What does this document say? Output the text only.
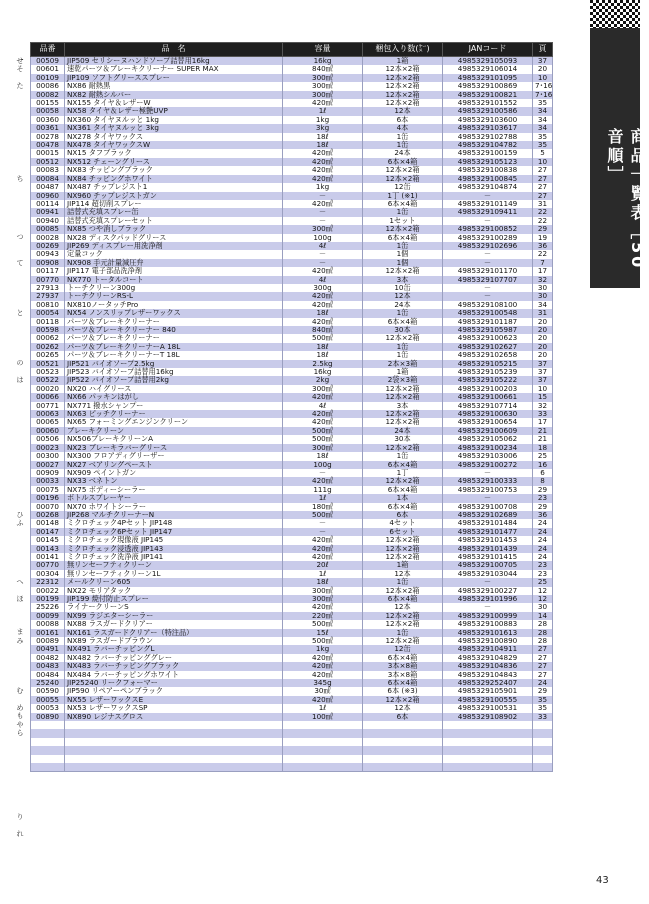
商品一覧表［50音順］
せ
そ
た
ち
つ
て
と
の
は
ひ
ふ
へ
ほ
ま
み
む
め
も
や
ら
り
れ
品番	品　名	容量	梱包入り数(㌜)	JANコード	頁
00509	JIP509 セリシーヌハンドソープ詰替用16kg	16kg	1箱	4985329105093	37
00601	速乾パーツ＆ブレーキクリーナー SUPER MAX	840㎖	12本×2箱	4985329106014	20
00109	JIP109 ソフトグリーススプレー	300㎖	12本×2箱	4985329101095	10
00086	NX86 耐熱黒	300㎖	12本×2箱	4985329100869	7･16
00082	NX82 耐熱シルバー	300㎖	12本×2箱	4985329100821	7･16
00155	NX155 タイヤ＆レザーW	420㎖	12本×2箱	4985329101552	35
00058	NX58 タイヤ＆レザー極艶UVP	1ℓ	12本	4985329100586	34
00360	NX360 タイヤヌルッと 1kg	1kg	6本	4985329103600	34
00361	NX361 タイヤヌルッと 3kg	3kg	4本	4985329103617	34
00278	NX278 タイヤワックス	18ℓ	1缶	4985329102788	35
00478	NX478 タイヤワックスW	18ℓ	1缶	4985329104782	35
00015	NX15 タフブラック	420㎖	24本	4985329100159	5
00512	NX512 チェーングリース	420㎖	6本×4箱	4985329105123	10
00083	NX83 チッピングブラック	420㎖	12本×2箱	4985329100838	27
00084	NX84 チッピングホワイト	420㎖	12本×2箱	4985329100845	27
00487	NX487 チップレジスト1	1kg	12缶	4985329104874	27
00960	NX960 チップレジストガン	－	1丁 (※1)	－	27
00114	JIP114 超切削スプレー	420㎖	6本×4箱	4985329101149	31
00941	詰替式充填スプレー缶	－	1缶	4985329109411	22
00940	詰替式充填スプレーセット	－	1セット	－	22
00085	NX85 つや消しブラック	300㎖	12本×2箱	4985329100852	29
00028	NX28 ディスクパッドグリース	100g	6本×4箱	4985329100289	19
00269	JIP269 ディスプレー用洗浄剤	4ℓ	1缶	4985329102696	36
00943	定量コック	－	1個	－	22
00908	NX908 手元計量減圧弁	－	1個	－	7
00117	JIP117 電子部品洗浄剤	420㎖	12本×2箱	4985329101170	17
00770	NX770 トータルコート	4ℓ	3本	4985329107707	32
27913	トーチクリーン300g	300g	10缶	－	30
27937	トーチクリーンRS-L	420㎖	12本	－	30
00810	NX810ノータッチPro	420㎖	24本	4985329108100	34
00054	NX54 ノンスリップレザーワックス	18ℓ	1缶	4985329100548	31
00118	パーツ＆ブレーキクリーナー	420㎖	6本×4箱	4985329101187	20
00598	パーツ＆ブレーキクリーナー 840	840㎖	30本	4985329105987	20
00062	パーツ＆ブレーキクリーナー	500㎖	12本×2箱	4985329100623	20
00262	パーツ＆ブレーキクリーナーA 18L	18ℓ	1缶	4985329102627	20
00265	パーツ＆ブレーキクリーナーT 18L	18ℓ	1缶	4985329102658	20
00521	JIP521 バイオソープ2.5kg	2.5kg	2本×3箱	4985329105215	37
00523	JIP523 バイオソープ詰替用16kg	16kg	1箱	4985329105239	37
00522	JIP522 バイオソープ詰替用2kg	2kg	2袋×3箱	4985329105222	37
00020	NX20 ハイグリース	300㎖	12本×2箱	4985329100203	10
00066	NX66 パッキンはがし	420㎖	12本×2箱	4985329100661	15
00771	NX771 撥水シャンプー	4ℓ	3本	4985329107714	32
00063	NX63 ピッチクリーナー	420㎖	12本×2箱	4985329100630	33
00065	NX65 フォーミングエンジンクリーン	420㎖	12本×2箱	4985329100654	17
00060	ブレーキクリーン	500㎖	24本	4985329100609	21
00506	NX506ブレーキクリーンA	500㎖	30本	4985329105062	21
00023	NX23 ブレーキラバーグリース	300㎖	12本×2箱	4985329100234	18
00300	NX300 フロアディグリーザー	18ℓ	1缶	4985329103006	25
00027	NX27 ベアリングペースト	100g	6本×4箱	4985329100272	16
00909	NX909 ペイントガン	－	1丁	－	6
00033	NX33 ベネトン	420㎖	12本×2箱	4985329100333	8
00075	NX75 ボディーシーラー	111g	6本×4箱	4985329100753	29
00196	ボトルスプレーヤー	1ℓ	1本	－	23
00070	NX70 ホワイトシーラー	180㎖	6本×4箱	4985329100708	29
00268	JIP268 マルチクリーナーN	500㎖	6本	4985329102689	36
00148	ミクロチェック4Pセット JIP148	－	4セット	4985329101484	24
00147	ミクロチェック6Pセット JIP147	－	6セット	4985329101477	24
00145	ミクロチェック現像液 JIP145	420㎖	12本×2箱	4985329101453	24
00143	ミクロチェック浸透液 JIP143	420㎖	12本×2箱	4985329101439	24
00141	ミクロチェック洗浄液 JIP141	420㎖	12本×2箱	4985329101415	24
00770	無リンセーフティクリーン	20ℓ	1箱	4985329100705	23
00304	無リンセーフティクリーン1L	1ℓ	12本	4985329103044	23
22312	メールクリーン605	18ℓ	1缶	－	25
00022	NX22 モリアタック	300㎖	12本×2箱	4985329100227	12
00199	JIP199 焼付防止スプレー	300㎖	6本×4箱	4985329101996	12
25226	ライナークリーンS	420㎖	12本	－	30
00099	NX99 ラジエターシーラー	220㎖	12本×2箱	4985329100999	14
00088	NX88 ラスガードクリアー	500㎖	12本×2箱	4985329100883	28
00161	NX161 ラスガードクリアー（特注品）	15ℓ	1缶	4985329101613	28
00089	NX89 ラスガードブラウン	500㎖	12本×2箱	4985329100890	28
00491	NX491 ラバーチッピングL	1kg	12缶	4985329104911	27
00482	NX482 ラバーチッピンググレー	420㎖	6本×4箱	4985329104829	27
00483	NX483 ラバーチッピングブラック	420㎖	3本×8箱	4985329104836	27
00484	NX484 ラバーチッピングホワイト	420㎖	3本×8箱	4985329104843	27
25240	JIP25240 リークフォーマー	345g	6本×4箱	4985329252407	24
00590	JIP590 リペアーペンブラック	30㎖	6本 (※3)	4985329105901	29
00055	NX55 レザーワックスE	420㎖	12本×2箱	4985329100555	35
00053	NX53 レザーワックスSP	1ℓ	12本	4985329100531	35
00890	NX890 レジナスグロス	100㎖	6本	4985329108902	33

43
